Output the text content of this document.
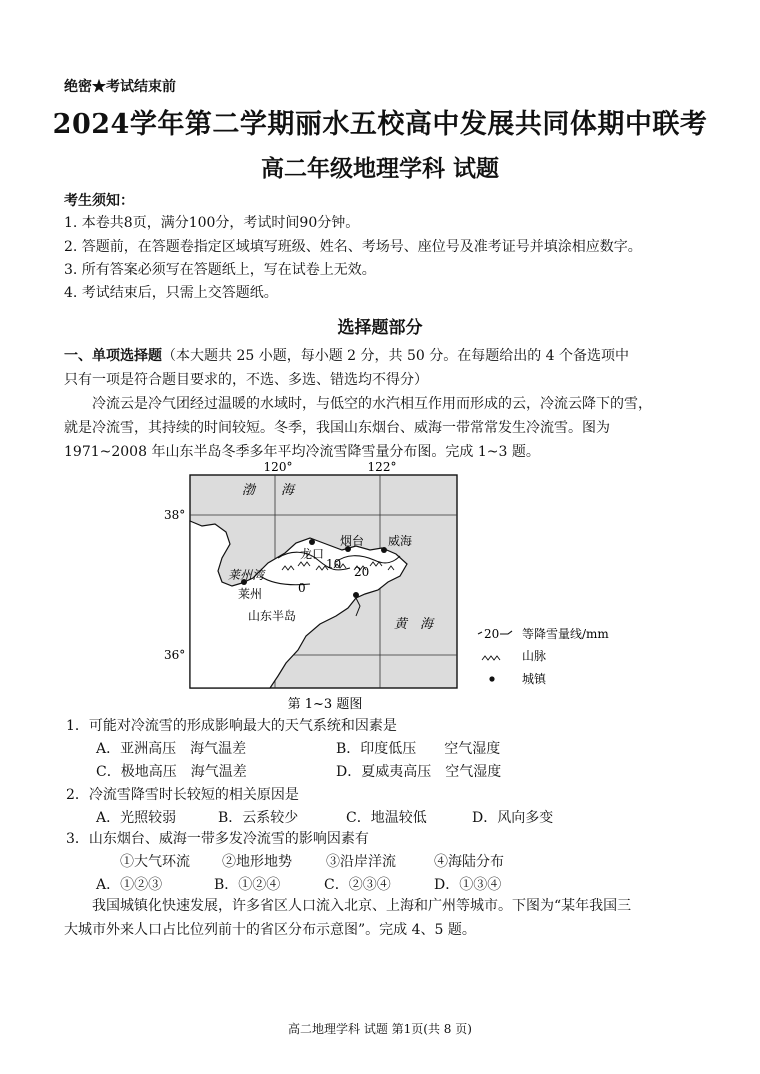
绝密★考试结束前
2024学年第二学期丽水五校高中发展共同体期中联考
高二年级地理学科 试题
考生须知：
1. 本卷共8页，满分100分，考试时间90分钟。
2. 答题前，在答题卷指定区域填写班级、姓名、考场号、座位号及准考证号并填涂相应数字。
3. 所有答案必须写在答题纸上，写在试卷上无效。
4. 考试结束后，只需上交答题纸。
选择题部分
一、单项选择题（本大题共 25 小题，每小题 2 分，共 50 分。在每题给出的 4 个备选项中
只有一项是符合题目要求的，不选、多选、错选均不得分）
冷流云是冷气团经过温暖的水域时，与低空的水汽相互作用而形成的云，冷流云降下的雪，
就是冷流雪，其持续的时间较短。冬季，我国山东烟台、威海一带常常发生冷流雪。图为
1971~2008 年山东半岛冬季多年平均冷流雪降雪量分布图。完成 1~3 题。
120°	122°
38°
36°
渤　　海
龙口
烟台 威海
莱州湾
莱州
山东半岛
黄　海
10
20
0
20 等降雪量线/mm
山脉
城镇
第 1~3 题图
1．可能对冷流雪的形成影响最大的天气系统和因素是
A．亚洲高压　海气温差	B．印度低压　　空气湿度
C．极地高压　海气温差	D．夏威夷高压　空气湿度
2．冷流雪降雪时长较短的相关原因是
A．光照较弱	B．云系较少	C．地温较低	D．风向多变
3．山东烟台、威海一带多发冷流雪的影响因素有
①大气环流 ②地形地势 ③沿岸洋流	④海陆分布
A．①②③	B．①②④	C．②③④	D．①③④
我国城镇化快速发展，许多省区人口流入北京、上海和广州等城市。下图为“某年我国三
大城市外来人口占比位列前十的省区分布示意图”。完成 4、5 题。
高二地理学科 试题 第1页(共 8 页)
